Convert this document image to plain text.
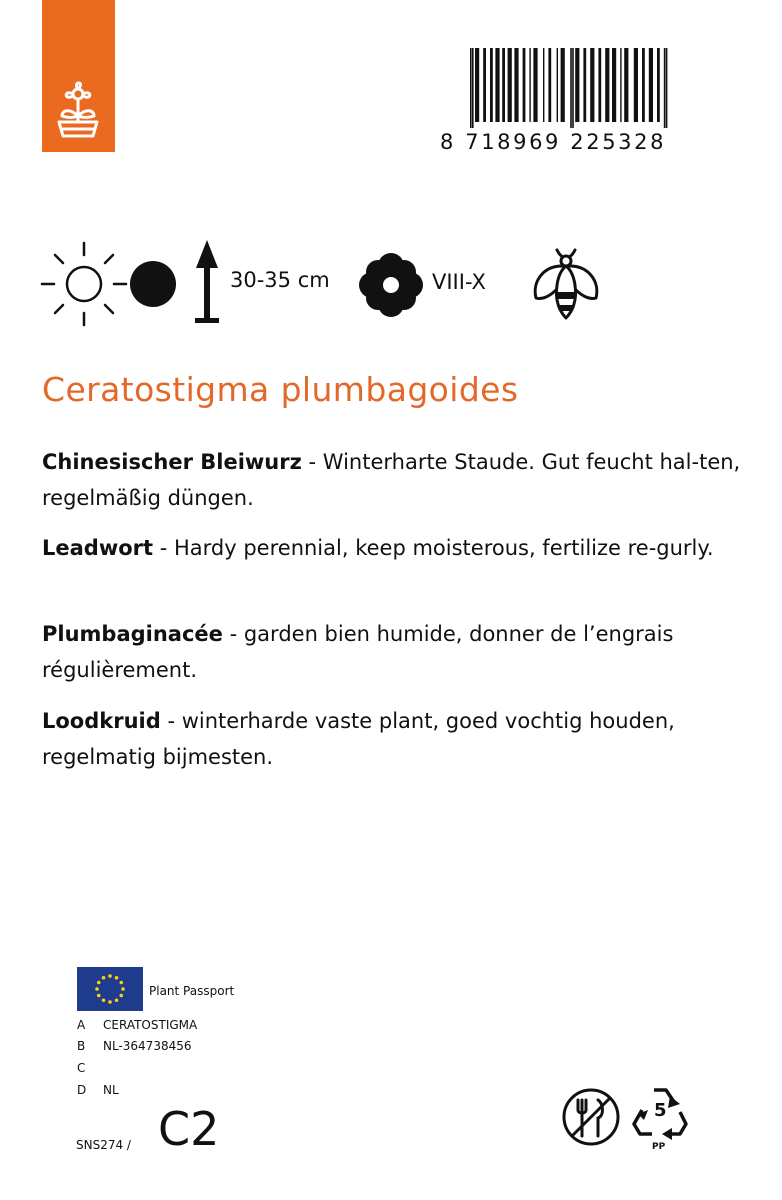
8 718969 225328
30-35 cm	VIII-X
Ceratostigma plumbagoides

Chinesischer Bleiwurz - Winterharte Staude. Gut feucht hal-ten, regelmäßig düngen.

Leadwort - Hardy perennial, keep moisterous, fertilize re-gurly.

Plumbaginacée - garden bien humide, donner de l’engrais régulièrement.

Loodkruid - winterharde vaste plant, goed vochtig houden, regelmatig bijmesten.

Plant Passport
A CERATOSTIGMA
B NL-364738456
C
D NL
SNS274 / C2	5
PP
